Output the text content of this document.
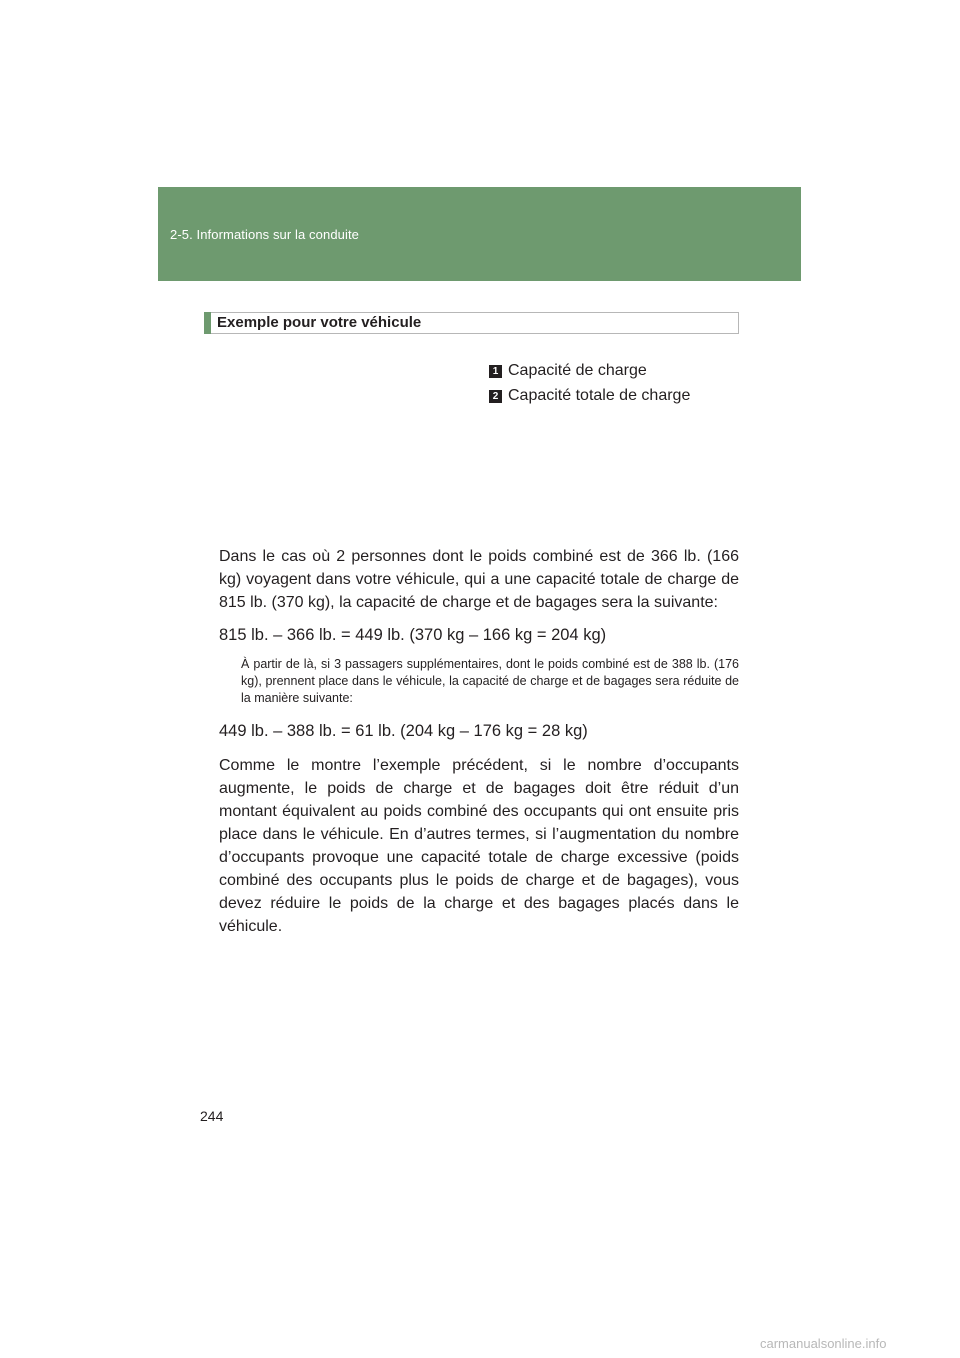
2-5. Informations sur la conduite
Exemple pour votre véhicule
1 Capacité de charge
2 Capacité totale de charge

Dans le cas où 2 personnes dont le poids combiné est de 366 lb. (166 kg) voyagent dans votre véhicule, qui a une capacité totale de charge de 815 lb. (370 kg), la capacité de charge et de bagages sera la suivante:

815 lb. – 366 lb. = 449 lb. (370 kg – 166 kg = 204 kg)

À partir de là, si 3 passagers supplémentaires, dont le poids combiné est de 388 lb. (176 kg), prennent place dans le véhicule, la capacité de charge et de bagages sera réduite de la manière suivante:

449 lb. – 388 lb. = 61 lb. (204 kg – 176 kg = 28 kg)

Comme le montre l’exemple précédent, si le nombre d’occupants augmente, le poids de charge et de bagages doit être réduit d’un montant équivalent au poids combiné des occupants qui ont ensuite pris place dans le véhicule. En d’autres termes, si l’augmentation du nombre d’occupants provoque une capacité totale de charge excessive (poids combiné des occupants plus le poids de charge et de bagages), vous devez réduire le poids de la charge et des bagages placés dans le véhicule.

244
carmanualsonline.info
